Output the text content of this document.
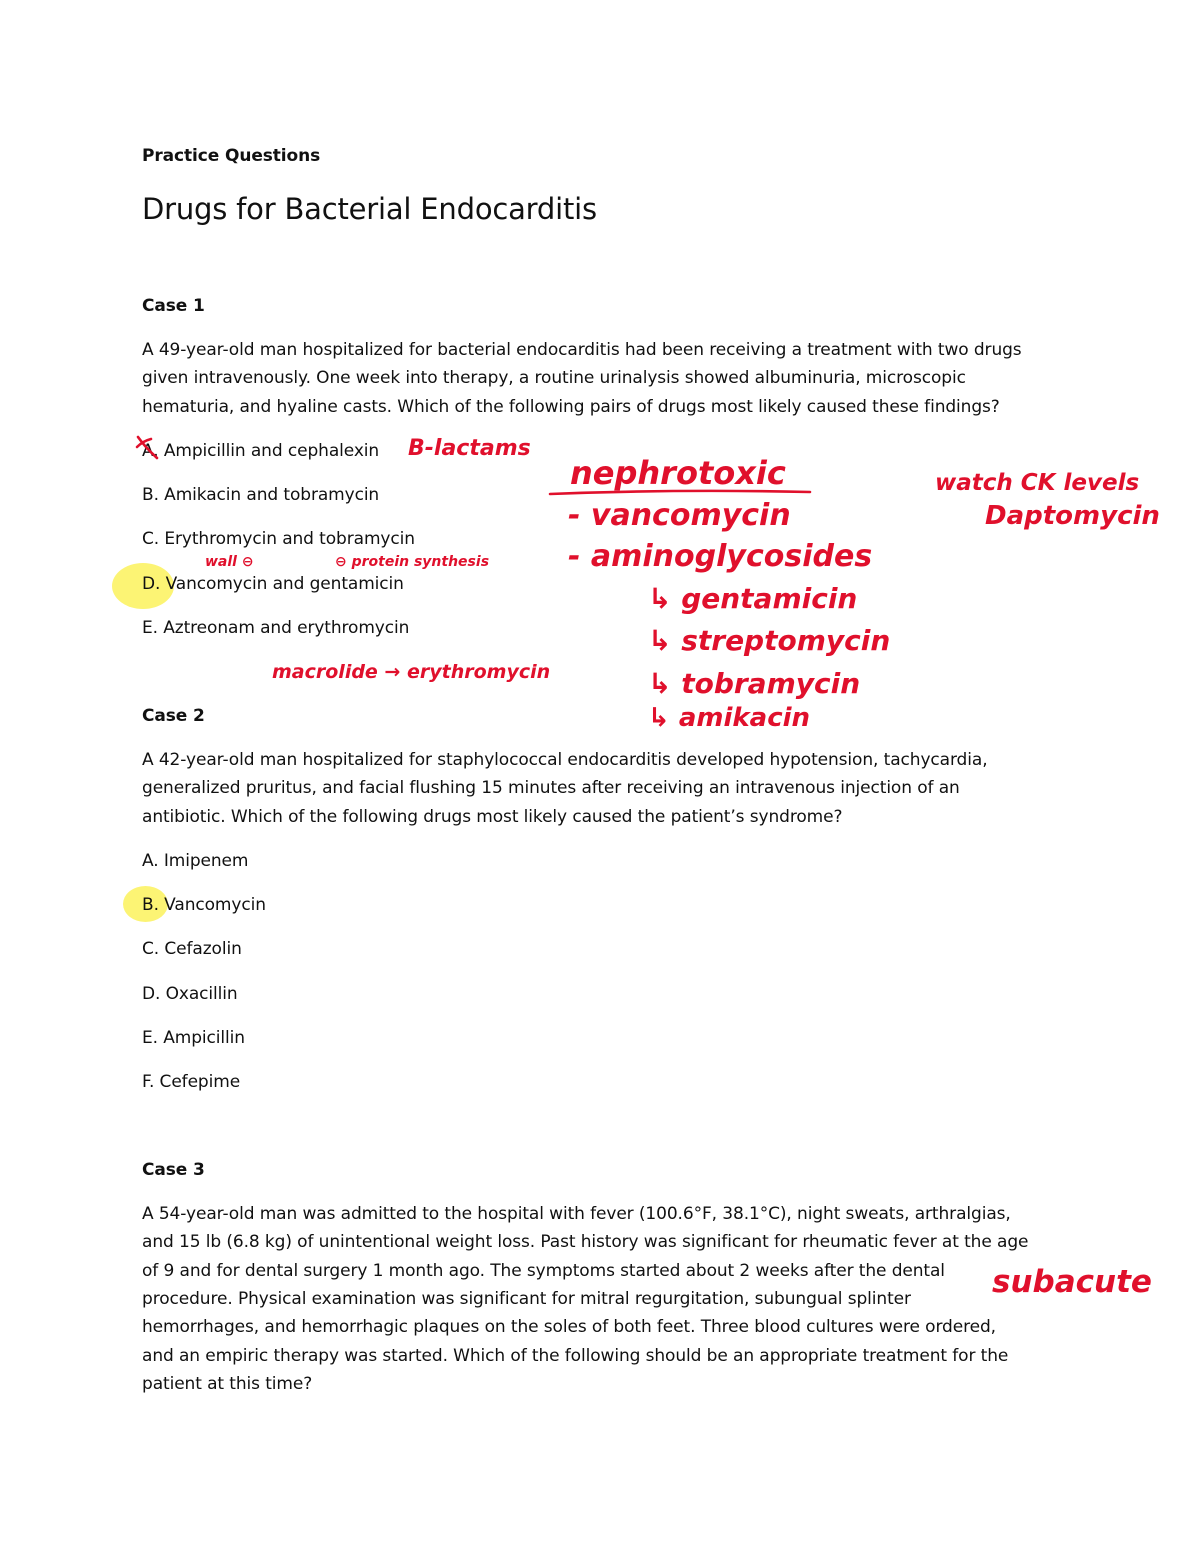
Practice Questions
Drugs for Bacterial Endocarditis
Case 1
A 49-year-old man hospitalized for bacterial endocarditis had been receiving a treatment with two drugs
given intravenously. One week into therapy, a routine urinalysis showed albuminuria, microscopic
hematuria, and hyaline casts. Which of the following pairs of drugs most likely caused these findings?
A. Ampicillin and cephalexin
B. Amikacin and tobramycin
C. Erythromycin and tobramycin
D. Vancomycin and gentamicin
E. Aztreonam and erythromycin
Case 2
A 42-year-old man hospitalized for staphylococcal endocarditis developed hypotension, tachycardia,
generalized pruritus, and facial flushing 15 minutes after receiving an intravenous injection of an
antibiotic. Which of the following drugs most likely caused the patient’s syndrome?
A. Imipenem
B. Vancomycin
C. Cefazolin
D. Oxacillin
E. Ampicillin
F. Cefepime
Case 3
A 54-year-old man was admitted to the hospital with fever (100.6°F, 38.1°C), night sweats, arthralgias,
and 15 lb (6.8 kg) of unintentional weight loss. Past history was significant for rheumatic fever at the age
of 9 and for dental surgery 1 month ago. The symptoms started about 2 weeks after the dental
procedure. Physical examination was significant for mitral regurgitation, subungual splinter
hemorrhages, and hemorrhagic plaques on the soles of both feet. Three blood cultures were ordered,
and an empiric therapy was started. Which of the following should be an appropriate treatment for the
patient at this time?
B-lactams
wall ⊖	⊖ protein synthesis
macrolide → erythromycin
nephrotoxic
- vancomycin
- aminoglycosides
↳ gentamicin
↳ streptomycin
↳ tobramycin
↳ amikacin
watch CK levels
Daptomycin
subacute
